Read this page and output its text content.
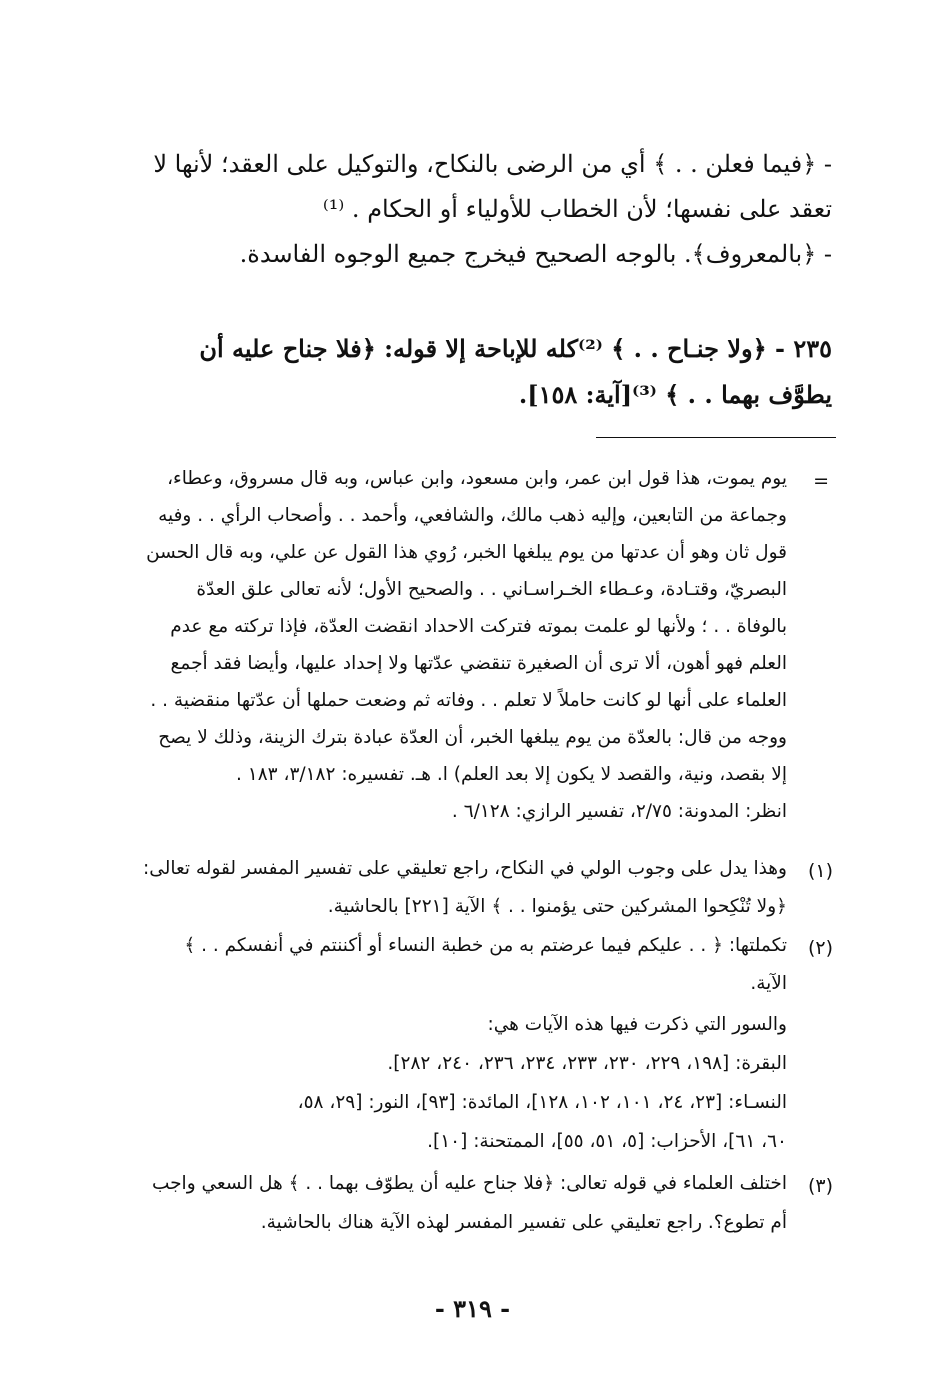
- ﴿فيما فعلن . . ﴾ أي من الرضى بالنكاح، والتوكيل على العقد؛ لأنها لا
تعقد على نفسها؛ لأن الخطاب للأولياء أو الحكام . ⁽¹⁾
- ﴿بالمعروف﴾. بالوجه الصحيح فيخرج جميع الوجوه الفاسدة.
٢٣٥ - ﴿ولا جنـاح . . ﴾ ⁽²⁾كله للإباحة إلا قوله: ﴿فلا جناح عليه أن
يطوَّف بهما . . ﴾ ⁽³⁾[آية: ١٥٨].
=
يوم يموت، هذا قول ابن عمر، وابن مسعود، وابن عباس، وبه قال مسروق، وعطاء،
وجماعة من التابعين، وإليه ذهب مالك، والشافعي، وأحمد . . وأصحاب الرأي . . وفيه
قول ثان وهو أن عدتها من يوم يبلغها الخبر، رُوي هذا القول عن علي، وبه قال الحسن
البصريّ، وقتـادة، وعـطاء الخـراسـاني . . والصحيح الأول؛ لأنه تعالى علق العدّة
بالوفاة . . ؛ ولأنها لو علمت بموته فتركت الاحداد انقضت العدّة، فإذا تركته مع عدم
العلم فهو أهون، ألا ترى أن الصغيرة تنقضي عدّتها ولا إحداد عليها، وأيضا فقد أجمع
العلماء على أنها لو كانت حاملاً لا تعلم . . وفاته ثم وضعت حملها أن عدّتها منقضية . .
ووجه من قال: بالعدّة من يوم يبلغها الخبر، أن العدّة عبادة بترك الزينة، وذلك لا يصح
إلا بقصد، ونية، والقصد لا يكون إلا بعد العلم) ا. هـ. تفسيره: ٣/١٨٢، ١٨٣ .
انظر: المدونة: ٢/٧٥، تفسير الرازي: ٦/١٢٨ .
(١)
وهذا يدل على وجوب الولي في النكاح، راجع تعليقي على تفسير المفسر لقوله تعالى:
﴿ولا تُنْكِحوا المشركين حتى يؤمنوا . . ﴾ الآية [٢٢١] بالحاشية.
(٢)
تكملتها: ﴿ . . عليكم فيما عرضتم به من خطبة النساء أو أكننتم في أنفسكم . . ﴾
الآية.
والسور التي ذكرت فيها هذه الآيات هي:
البقرة: [١٩٨، ٢٢٩، ٢٣٠، ٢٣٣، ٢٣٤، ٢٣٦، ٢٤٠، ٢٨٢].
النسـاء: [٢٣، ٢٤، ١٠١، ١٠٢، ١٢٨]، المائدة: [٩٣]، النور: [٢٩، ٥٨،
٦٠، ٦١]، الأحزاب: [٥، ٥١، ٥٥]، الممتحنة: [١٠].
(٣)
اختلف العلماء في قوله تعالى: ﴿فلا جناح عليه أن يطوّف بهما . . ﴾ هل السعي واجب
أم تطوع؟. راجع تعليقي على تفسير المفسر لهذه الآية هناك بالحاشية.
- ٣١٩ -
